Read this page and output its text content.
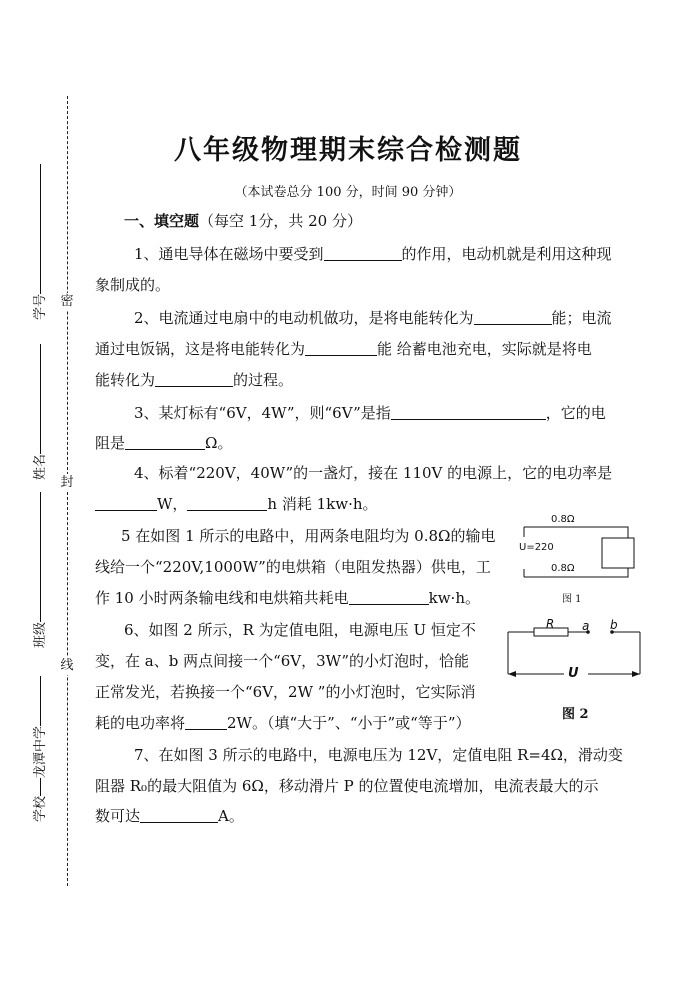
密
封
线
学号
姓名
班级
学校龙潭中学
八年级物理期末综合检测题
（本试卷总分 100 分，时间 90 分钟）
一、填空题（每空 1分，共 20 分）
1、通电导体在磁场中要受到	的作用，电动机就是利用这种现
象制成的。
2、电流通过电扇中的电动机做功，是将电能转化为	能；电流
通过电饭锅，这是将电能转化为	能 给蓄电池充电，实际就是将电
能转化为	的过程。
3、某灯标有“6V，4W”，则“6V”是指	，它的电
阻是	Ω。
4、标着“220V，40W”的一盏灯，接在 110V 的电源上，它的电功率是
W，	h 消耗 1kw·h。
5 在如图 1 所示的电路中，用两条电阻均为 0.8Ω的输电
线给一个“220V,1000W”的电烘箱（电阻发热器）供电，工
作 10 小时两条输电线和电烘箱共耗电	kw·h。
6、如图 2 所示，R 为定值电阻，电源电压 U 恒定不
变，在 a、b 两点间接一个“6V，3W”的小灯泡时，恰能
正常发光，若换接一个“6V，2W ”的小灯泡时，它实际消
耗的电功率将	2W。（填“大于”、“小于”或“等于”）
7、在如图 3 所示的电路中，电源电压为 12V，定值电阻 R=4Ω，滑动变
阻器 R₀的最大阻值为 6Ω，移动滑片 P 的位置使电流增加，电流表最大的示
数可达	A。
0.8Ω
0.8Ω
U=220
图 1
R a b
U
图 2
